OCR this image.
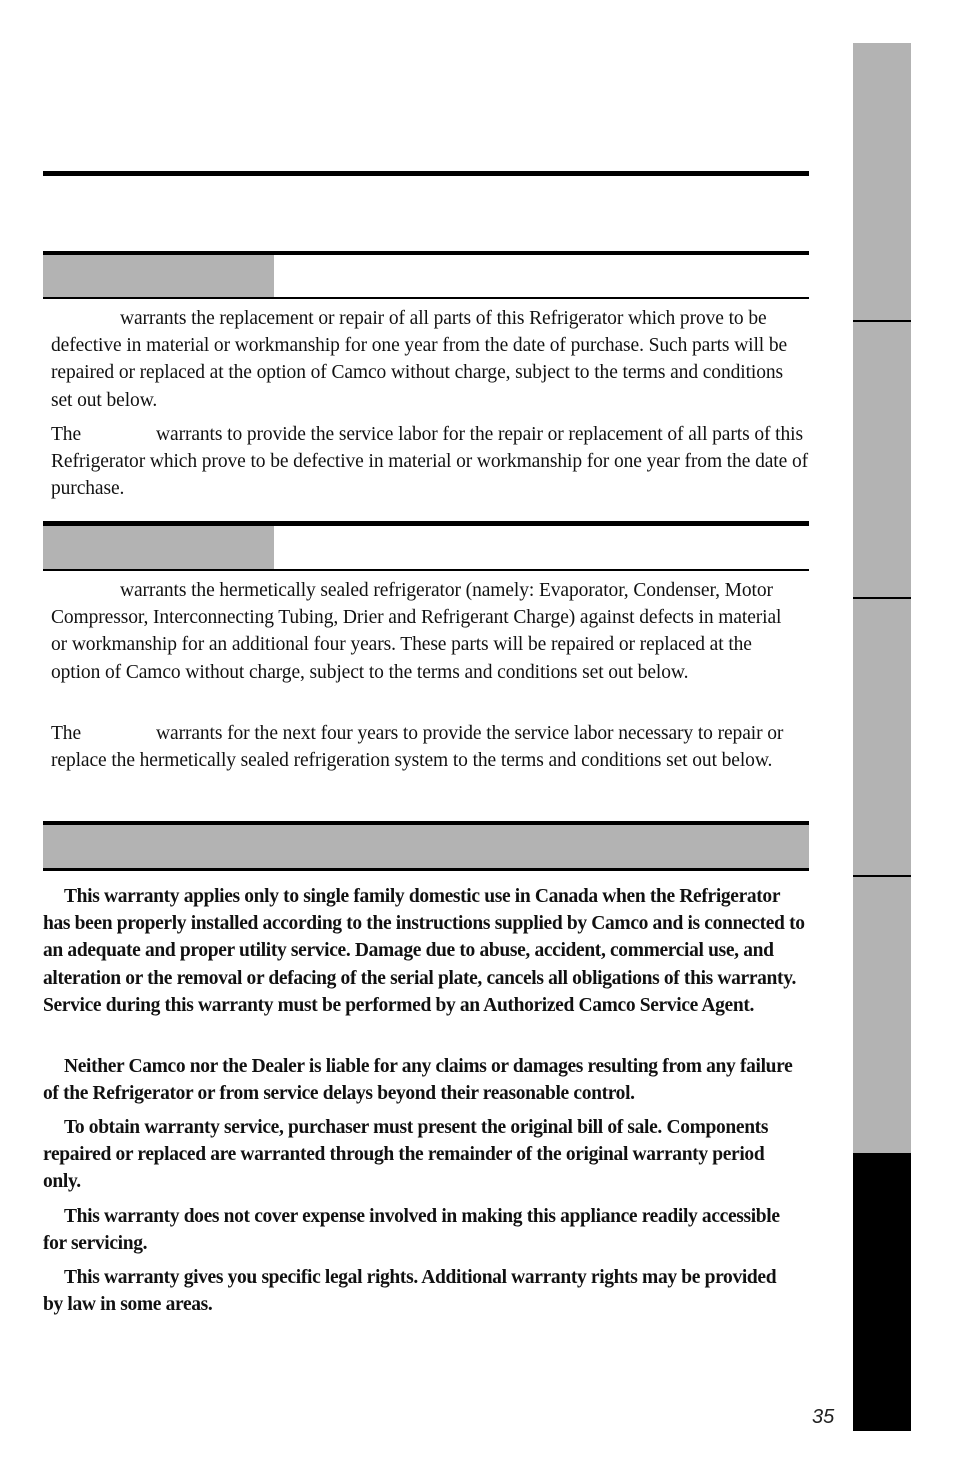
warrants the replacement or repair of all parts of this Refrigerator which prove to be defective in material or workmanship for one year from the date of purchase. Such parts will be repaired or replaced at the option of Camco without charge, subject to the terms and conditions set out below.

The	warrants to provide the service labor for the repair or replacement of all parts of this Refrigerator which prove to be defective in material or workmanship for one year from the date of purchase.

warrants the hermetically sealed refrigerator (namely: Evaporator, Condenser, Motor Compressor, Interconnecting Tubing, Drier and Refrigerant Charge) against defects in material or workmanship for an additional four years. These parts will be repaired or replaced at the option of Camco without charge, subject to the terms and conditions set out below.

The	warrants for the next four years to provide the service labor necessary to repair or replace the hermetically sealed refrigeration system to the terms and conditions set out below.

This warranty applies only to single family domestic use in Canada when the Refrigerator has been properly installed according to the instructions supplied by Camco and is connected to an adequate and proper utility service. Damage due to abuse, accident, commercial use, and alteration or the removal or defacing of the serial plate, cancels all obligations of this warranty. Service during this warranty must be performed by an Authorized Camco Service Agent.

Neither Camco nor the Dealer is liable for any claims or damages resulting from any failure of the Refrigerator or from service delays beyond their reasonable control.

To obtain warranty service, purchaser must present the original bill of sale. Components repaired or replaced are warranted through the remainder of the original warranty period only.

This warranty does not cover expense involved in making this appliance readily accessible for servicing.

This warranty gives you specific legal rights. Additional warranty rights may be provided by law in some areas.

35
